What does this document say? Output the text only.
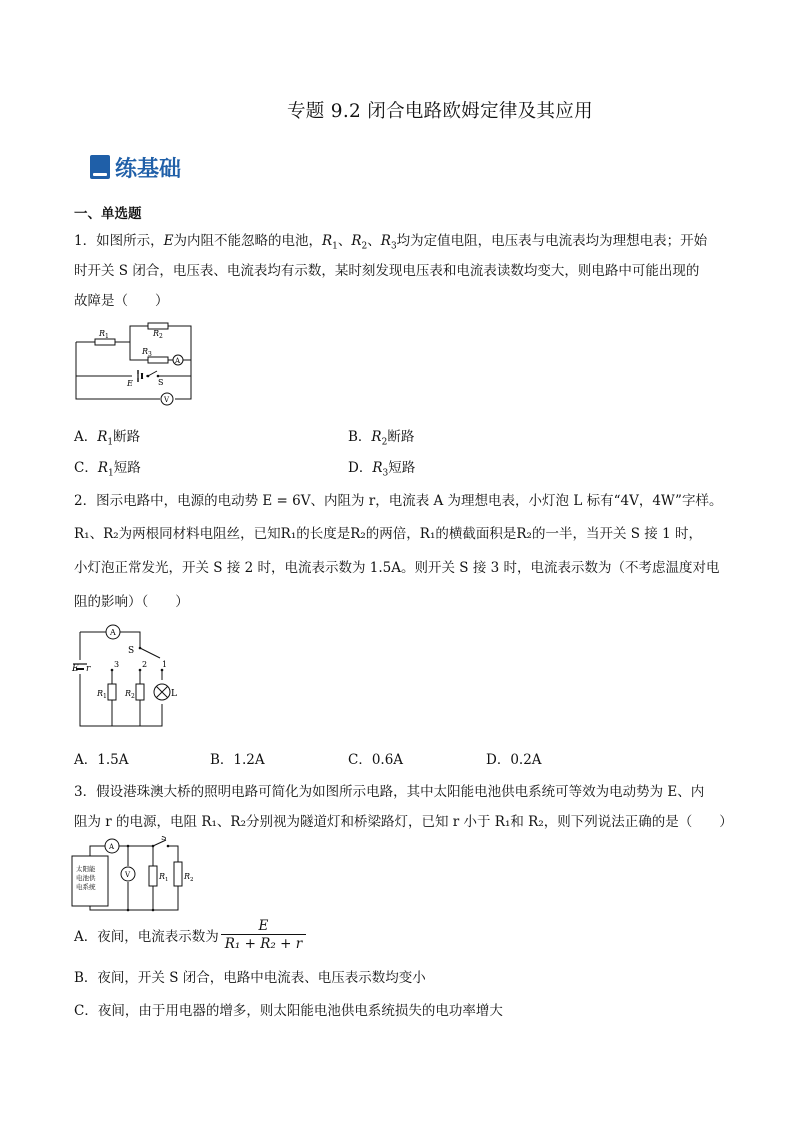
专题 9.2 闭合电路欧姆定律及其应用
练基础
一、单选题
1．如图所示，E为内阻不能忽略的电池，$R_1$、$R_2$、$R_3$均为定值电阻，电压表与电流表均为理想电表；开始
时开关 S 闭合，电压表、电流表均有示数，某时刻发现电压表和电流表读数均变大，则电路中可能出现的
故障是（　　）
R 1	R 2
R 3
A
V
E	S
A．$R_1$断路	B．$R_2$断路
C．$R_1$短路	D．$R_3$短路
2．图示电路中，电源的电动势 E = 6V、内阻为 r，电流表 A 为理想电表，小灯泡 L 标有“4V，4W”字样。
R₁、R₂为两根同材料电阻丝，已知R₁的长度是R₂的两倍，R₁的横截面积是R₂的一半，当开关 S 接 1 时，
小灯泡正常发光，开关 S 接 2 时，电流表示数为 1.5A。则开关 S 接 3 时，电流表示数为（不考虑温度对电
阻的影响）（　　）
A
S
E r	3	2 1
R 1 R 2	L
A．1.5A	B．1.2A	C．0.6A	D．0.2A
3．假设港珠澳大桥的照明电路可简化为如图所示电路，其中太阳能电池供电系统可等效为电动势为 E、内
阻为 r 的电源，电阻 R₁、R₂分别视为隧道灯和桥梁路灯，已知 r 小于 R₁和 R₂，则下列说法正确的是（　　）
太阳能
电池供
电系统
A
V
S
R 1 R 2
A．夜间，电流表示数为 $\frac{E}{\text{R₁ + R₂ + r}}$
B．夜间，开关 S 闭合，电路中电流表、电压表示数均变小
C．夜间，由于用电器的增多，则太阳能电池供电系统损失的电功率增大
